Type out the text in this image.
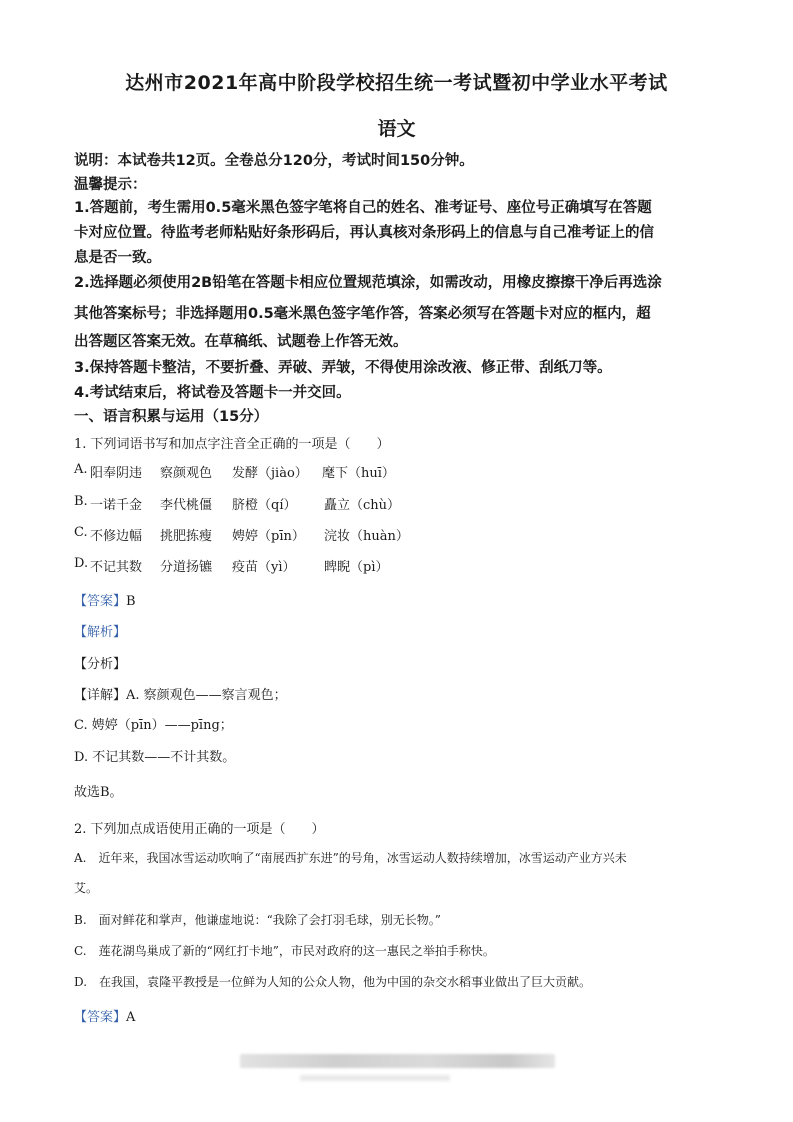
达州市2021年高中阶段学校招生统一考试暨初中学业水平考试
语文
说明：本试卷共12页。全卷总分120分，考试时间150分钟。
温馨提示：
1.答题前，考生需用0.5毫米黑色签字笔将自己的姓名、准考证号、座位号正确填写在答题
卡对应位置。待监考老师粘贴好条形码后，再认真核对条形码上的信息与自己准考证上的信
息是否一致。
2.选择题必须使用2B铅笔在答题卡相应位置规范填涂，如需改动，用橡皮擦擦干净后再选涂
其他答案标号；非选择题用0.5毫米黑色签字笔作答，答案必须写在答题卡对应的框内，超
出答题区答案无效。在草稿纸、试题卷上作答无效。
3.保持答题卡整洁，不要折叠、弄破、弄皱，不得使用涂改液、修正带、刮纸刀等。
4.考试结束后，将试卷及答题卡一并交回。
一、语言积累与运用（15分）
1. 下列词语书写和加点字注音全正确的一项是（　　）
A. 阳奉阴违 察颜观色 发酵（jiào） 麾下（huī）
B. 一诺千金 李代桃僵 脐橙（qí） 矗立（chù）
C. 不修边幅 挑肥拣瘦 娉婷（pīn） 浣妆（huàn）
D. 不记其数 分道扬镳 疫苗（yì） 睥睨（pì）
【答案】B
【解析】
【分析】
【详解】A. 察颜观色——察言观色；
C. 娉婷（pīn）——pīng；
D. 不记其数——不计其数。
故选B。
2. 下列加点成语使用正确的一项是（　　）
A.　近年来，我国冰雪运动吹响了“南展西扩东进”的号角，冰雪运动人数持续增加，冰雪运动产业方兴未
艾。
B.　面对鲜花和掌声，他谦虚地说：“我除了会打羽毛球，别无长物。”
C.　莲花湖鸟巢成了新的“网红打卡地”，市民对政府的这一惠民之举拍手称快。
D.　在我国，袁隆平教授是一位鲜为人知的公众人物，他为中国的杂交水稻事业做出了巨大贡献。
【答案】A
